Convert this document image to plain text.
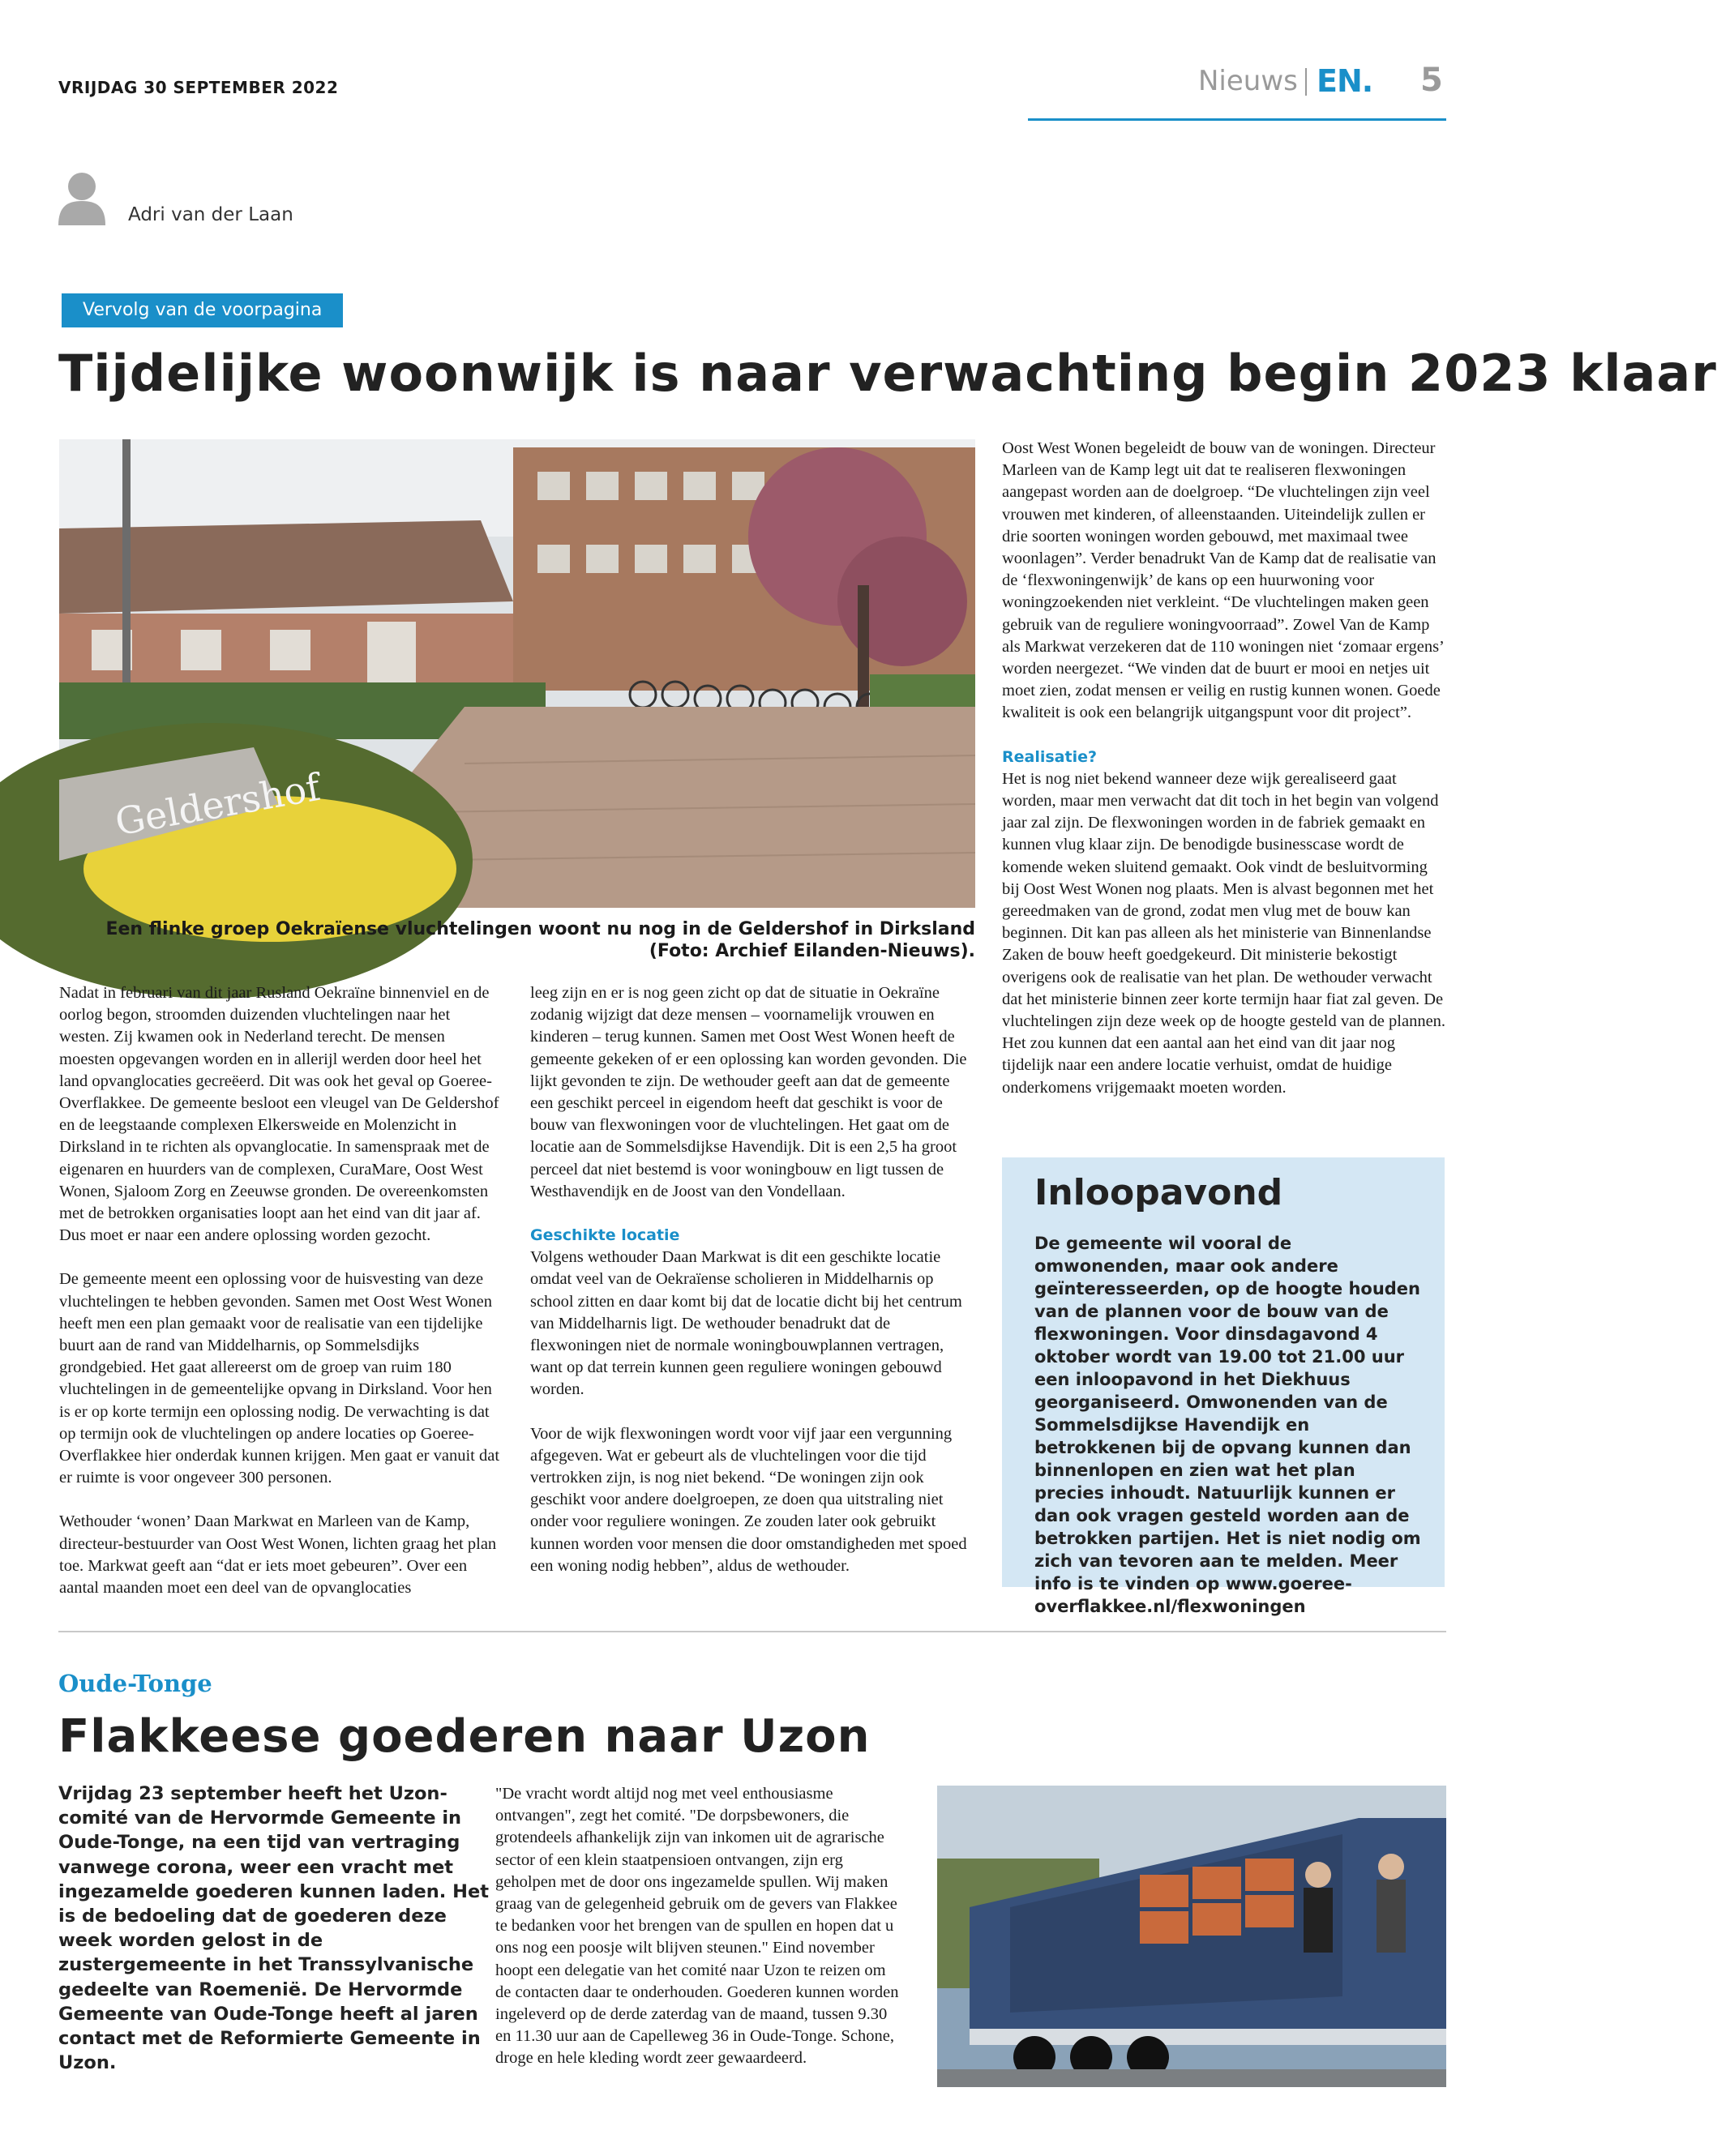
VRIJDAG 30 SEPTEMBER 2022	Nieuws EN. 5
Adri van der Laan
Vervolg van de voorpagina
Tijdelijke woonwijk is naar verwachting begin 2023 klaar
Geldershof
Een flinke groep Oekraïense vluchtelingen woont nu nog in de Geldershof in Dirksland
(Foto: Archief Eilanden-Nieuws).

Nadat in februari van dit jaar Rusland Oekraïne binnenviel en de oorlog begon, stroomden duizenden vluchtelingen naar het westen. Zij kwamen ook in Nederland terecht. De mensen moesten opgevangen worden en in allerijl werden door heel het land opvanglocaties gecreëerd. Dit was ook het geval op Goeree-Overflakkee. De gemeente besloot een vleugel van De Geldershof en de leegstaande complexen Elkersweide en Molenzicht in Dirksland in te richten als opvanglocatie. In samenspraak met de eigenaren en huurders van de complexen, CuraMare, Oost West Wonen, Sjaloom Zorg en Zeeuwse gronden. De overeenkomsten met de betrokken organisaties loopt aan het eind van dit jaar af. Dus moet er naar een andere oplossing worden gezocht.

De gemeente meent een oplossing voor de huisvesting van deze vluchtelingen te hebben gevonden. Samen met Oost West Wonen heeft men een plan gemaakt voor de realisatie van een tijdelijke buurt aan de rand van Middelharnis, op Sommelsdijks grondgebied. Het gaat allereerst om de groep van ruim 180 vluchtelingen in de gemeentelijke opvang in Dirksland. Voor hen is er op korte termijn een oplossing nodig. De verwachting is dat op termijn ook de vluchtelingen op andere locaties op Goeree-Overflakkee hier onderdak kunnen krijgen. Men gaat er vanuit dat er ruimte is voor ongeveer 300 personen.

Wethouder ‘wonen’ Daan Markwat en Marleen van de Kamp, directeur-bestuurder van Oost West Wonen, lichten graag het plan toe. Markwat geeft aan “dat er iets moet gebeuren”. Over een aantal maanden moet een deel van de opvanglocaties

leeg zijn en er is nog geen zicht op dat de situatie in Oekraïne zodanig wijzigt dat deze mensen – voornamelijk vrouwen en kinderen – terug kunnen. Samen met Oost West Wonen heeft de gemeente gekeken of er een oplossing kan worden gevonden. Die lijkt gevonden te zijn. De wethouder geeft aan dat de gemeente een geschikt perceel in eigendom heeft dat geschikt is voor de bouw van flexwoningen voor de vluchtelingen. Het gaat om de locatie aan de Sommelsdijkse Havendijk. Dit is een 2,5 ha groot perceel dat niet bestemd is voor woningbouw en ligt tussen de Westhavendijk en de Joost van den Vondellaan.

Geschikte locatie

Volgens wethouder Daan Markwat is dit een geschikte locatie omdat veel van de Oekraïense scholieren in Middelharnis op school zitten en daar komt bij dat de locatie dicht bij het centrum van Middelharnis ligt. De wethouder benadrukt dat de flexwoningen niet de normale woningbouwplannen vertragen, want op dat terrein kunnen geen reguliere woningen gebouwd worden.

Voor de wijk flexwoningen wordt voor vijf jaar een vergunning afgegeven. Wat er gebeurt als de vluchtelingen voor die tijd vertrokken zijn, is nog niet bekend. “De woningen zijn ook geschikt voor andere doelgroepen, ze doen qua uitstraling niet onder voor reguliere woningen. Ze zouden later ook gebruikt kunnen worden voor mensen die door omstandigheden met spoed een woning nodig hebben”, aldus de wethouder.

Oost West Wonen begeleidt de bouw van de woningen. Directeur Marleen van de Kamp legt uit dat te realiseren flexwoningen aangepast worden aan de doelgroep. “De vluchtelingen zijn veel vrouwen met kinderen, of alleenstaanden. Uiteindelijk zullen er drie soorten woningen worden gebouwd, met maximaal twee woonlagen”. Verder benadrukt Van de Kamp dat de realisatie van de ‘flexwoningenwijk’ de kans op een huurwoning voor woningzoekenden niet verkleint. “De vluchtelingen maken geen gebruik van de reguliere woningvoorraad”. Zowel Van de Kamp als Markwat verzekeren dat de 110 woningen niet ‘zomaar ergens’ worden neergezet. “We vinden dat de buurt er mooi en netjes uit moet zien, zodat mensen er veilig en rustig kunnen wonen. Goede kwaliteit is ook een belangrijk uitgangspunt voor dit project”.

Realisatie?

Het is nog niet bekend wanneer deze wijk gerealiseerd gaat worden, maar men verwacht dat dit toch in het begin van volgend jaar zal zijn. De flexwoningen worden in de fabriek gemaakt en kunnen vlug klaar zijn. De benodigde businesscase wordt de komende weken sluitend gemaakt. Ook vindt de besluitvorming bij Oost West Wonen nog plaats. Men is alvast begonnen met het gereedmaken van de grond, zodat men vlug met de bouw kan beginnen. Dit kan pas alleen als het ministerie van Binnenlandse Zaken de bouw heeft goedgekeurd. Dit ministerie bekostigt overigens ook de realisatie van het plan. De wethouder verwacht dat het ministerie binnen zeer korte termijn haar fiat zal geven. De vluchtelingen zijn deze week op de hoogte gesteld van de plannen. Het zou kunnen dat een aantal aan het eind van dit jaar nog tijdelijk naar een andere locatie verhuist, omdat de huidige onderkomens vrijgemaakt moeten worden.

Inloopavond
De gemeente wil vooral de omwonenden, maar ook andere geïnteresseerden, op de hoogte houden van de plannen voor de bouw van de flexwoningen. Voor dinsdagavond 4 oktober wordt van 19.00 tot 21.00 uur een inloopavond in het Diekhuus georganiseerd. Omwonenden van de Sommelsdijkse Havendijk en betrokkenen bij de opvang kunnen dan binnenlopen en zien wat het plan precies inhoudt. Natuurlijk kunnen er dan ook vragen gesteld worden aan de betrokken partijen. Het is niet nodig om zich van tevoren aan te melden. Meer info is te vinden op www.goeree-overflakkee.nl/flexwoningen
Oude-Tonge
Flakkeese goederen naar Uzon
Vrijdag 23 september heeft het Uzon-comité van de Hervormde Gemeente in Oude-Tonge, na een tijd van vertraging vanwege corona, weer een vracht met ingezamelde goederen kunnen laden. Het is de bedoeling dat de goederen deze week worden gelost in de zustergemeente in het Transsylvanische gedeelte van Roemenië. De Hervormde Gemeente van Oude-Tonge heeft al jaren contact met de Reformierte Gemeente in Uzon.
"De vracht wordt altijd nog met veel enthousiasme ontvangen", zegt het comité. "De dorpsbewoners, die grotendeels afhankelijk zijn van inkomen uit de agrarische sector of een klein staatpensioen ontvangen, zijn erg geholpen met de door ons ingezamelde spullen. Wij maken graag van de gelegenheid gebruik om de gevers van Flakkee te bedanken voor het brengen van de spullen en hopen dat u ons nog een poosje wilt blijven steunen." Eind november hoopt een delegatie van het comité naar Uzon te reizen om de contacten daar te onderhouden. Goederen kunnen worden ingeleverd op de derde zaterdag van de maand, tussen 9.30 en 11.30 uur aan de Capelleweg 36 in Oude-Tonge. Schone, droge en hele kleding wordt zeer gewaardeerd.
